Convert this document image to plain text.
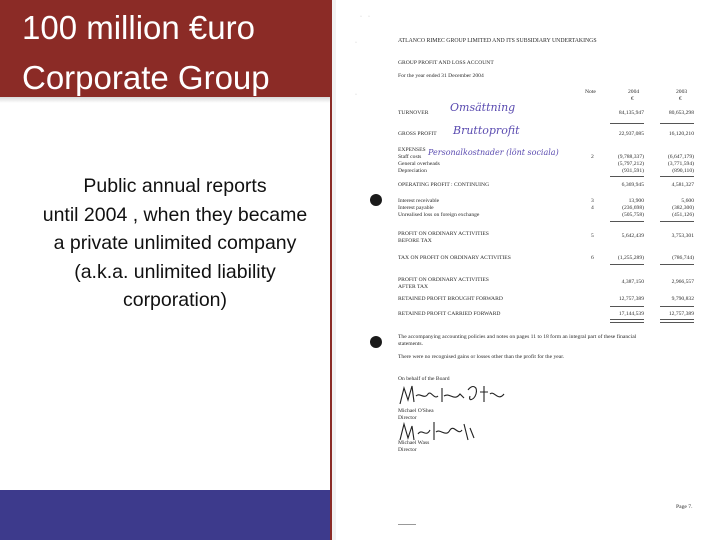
100 million €uro
Corporate Group
Public annual reports
until 2004 , when they became
a private unlimited company
(a.k.a. unlimited liability
corporation)
· ·
·
·
ATLANCO RIMEC GROUP LIMITED AND ITS SUBSIDIARY UNDERTAKINGS
GROUP PROFIT AND LOSS ACCOUNT
For the year ended 31 December 2004
Note	2004	2003
€	€
TURNOVER Omsättning	84,135,947	80,653,298
GROSS PROFIT Bruttoprofit	22,937,085	16,120,210
EXPENSES
Staff costs Personalkostnader (lönt sociala)	2	(9,788,337)	(6,647,179)
General overheads	(5,797,212)	(3,771,594)
Depreciation	(931,591)	(890,110)
OPERATING PROFIT : CONTINUING	6,369,945	4,581,327
Interest receivable	3	13,900	5,600
Interest payable	4	(236,698)	(382,300)
Unrealised loss on foreign exchange	(505,758)	(451,126)
PROFIT ON ORDINARY ACTIVITIES
BEFORE TAX
5	5,642,439	3,753,301
TAX ON PROFIT ON ORDINARY ACTIVITIES	6	(1,255,289)	(786,744)
PROFIT ON ORDINARY ACTIVITIES
AFTER TAX
4,387,150	2,966,557
RETAINED PROFIT BROUGHT FORWARD	12,757,389	9,790,832
RETAINED PROFIT CARRIED FORWARD	17,144,539	12,757,389
The accompanying accounting policies and notes on pages 11 to 18 form an integral part of these financial
statements.
There were no recognised gains or losses other than the profit for the year.
On behalf of the Board
Michael O'Shea
Director
Michael Wass
Director
Page 7.
